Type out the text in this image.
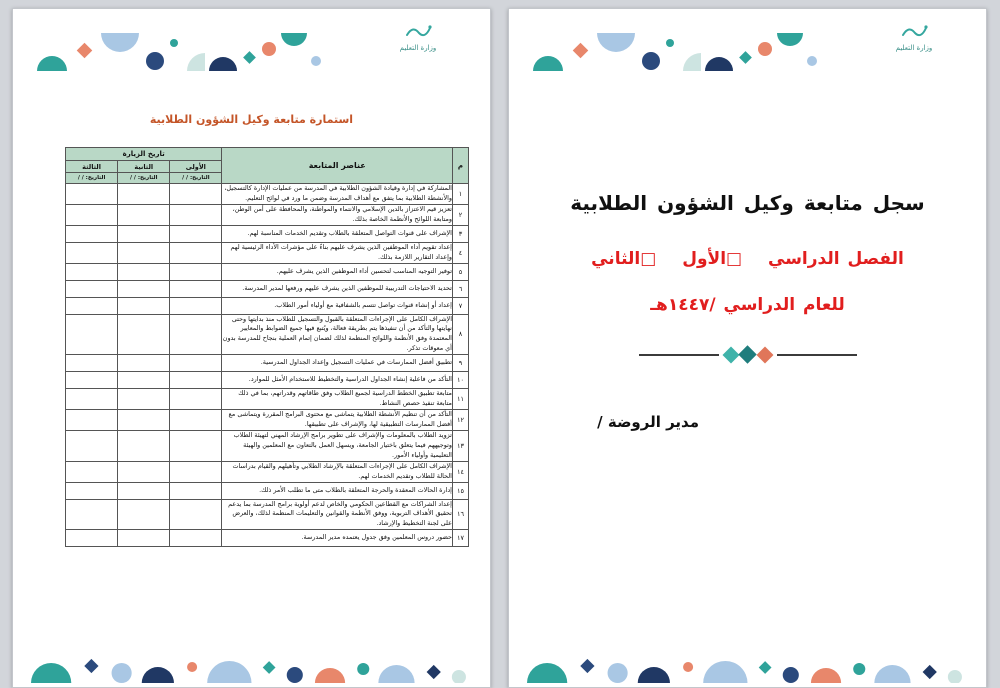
وزارة التعليم
استمارة متابعة وكيل الشؤون الطلابية
م	عناصر المتابعة	تاريخ الزيارة		
		الأولى	الثانية	الثالثة
		التاريخ: / /	التاريخ: / /	التاريخ: / /
١	المشاركة في إدارة وقيادة الشؤون الطلابية في المدرسة من عمليات الإدارة كالتسجيل، والأنشطة الطلابية بما يتفق مع أهداف المدرسة وضمن ما ورد في لوائح التعليم.			
٢	تعزيز قيم الاعتزاز بالدين الإسلامي والانتماء والمواطنة، والمحافظة على أمن الوطن، ومتابعة اللوائح والأنظمة الخاصة بذلك.			
٣	الإشراف على قنوات التواصل المتعلقة بالطلاب وتقديم الخدمات المناسبة لهم.			
٤	إعداد تقويم أداء الموظفين الذين يشرف عليهم بناءً على مؤشرات الأداء الرئيسية لهم وإعداد التقارير اللازمة بذلك.			
٥	توفير التوجيه المناسب لتحسين أداء الموظفين الذين يشرف عليهم.			
٦	تحديد الاحتياجات التدريبية للموظفين الذين يشرف عليهم ورفعها لمدير المدرسة.			
٧	إعداد أو إنشاء قنوات تواصل تتسم بالشفافية مع أولياء أمور الطلاب.			
٨	الإشراف الكامل على الإجراءات المتعلقة بالقبول والتسجيل للطلاب منذ بدايتها وحتى نهايتها والتأكد من أن تنفيذها يتم بطريقة فعالة، ويُتبع فيها جميع الضوابط والمعايير المعتمدة وفق الأنظمة واللوائح المنظمة لذلك لضمان إتمام العملية بنجاح للمدرسة بدون أي معوقات تذكر.			
٩	تطبيق أفضل الممارسات في عمليات التسجيل وإعداد الجداول المدرسية.			
١٠	التأكد من فاعلية إنشاء الجداول الدراسية والتخطيط للاستخدام الأمثل للموارد.			
١١	متابعة تطبيق الخطط الدراسية لجميع الطلاب وفق طاقاتهم وقدراتهم، بما في ذلك متابعة تنفيذ حصص النشاط.			
١٢	التأكد من أن تنظيم الأنشطة الطلابية يتماشى مع محتوى البرامج المقررة ويتماشى مع أفضل الممارسات التطبيقية لها، والإشراف على تطبيقها.			
١٣	تزويد الطلاب بالمعلومات والإشراف على تطوير برامج الإرشاد المهني لتهيئة الطلاب وتوجيههم فيما يتعلق باختيار الجامعة، ويسهل العمل بالتعاون مع المعلمين والهيئة التعليمية وأولياء الأمور.			
١٤	الإشراف الكامل على الإجراءات المتعلقة بالإرشاد الطلابي وتأهيلهم والقيام بدراسات الحالة للطلاب وتقديم الخدمات لهم.			
١٥	إدارة الحالات المعقدة والحرجة المتعلقة بالطلاب متى ما تطلب الأمر ذلك.			
١٦	إعداد الشراكات مع القطاعين الحكومي والخاص لدعم أولوية برامج المدرسة بما يدعم تحقيق الأهداف التربوية، ووفق الأنظمة والقوانين والتعليمات المنظمة لذلك، والعرض على لجنة التخطيط والإرشاد.			
١٧	حضور دروس المعلمين وفق جدول يعتمده مدير المدرسة.			
وزارة التعليم
سجل متابعة وكيل الشؤون الطلابية
الفصل الدراسي □الأول □الثاني
للعام الدراسي /١٤٤٧هـ
مدير الروضة /
